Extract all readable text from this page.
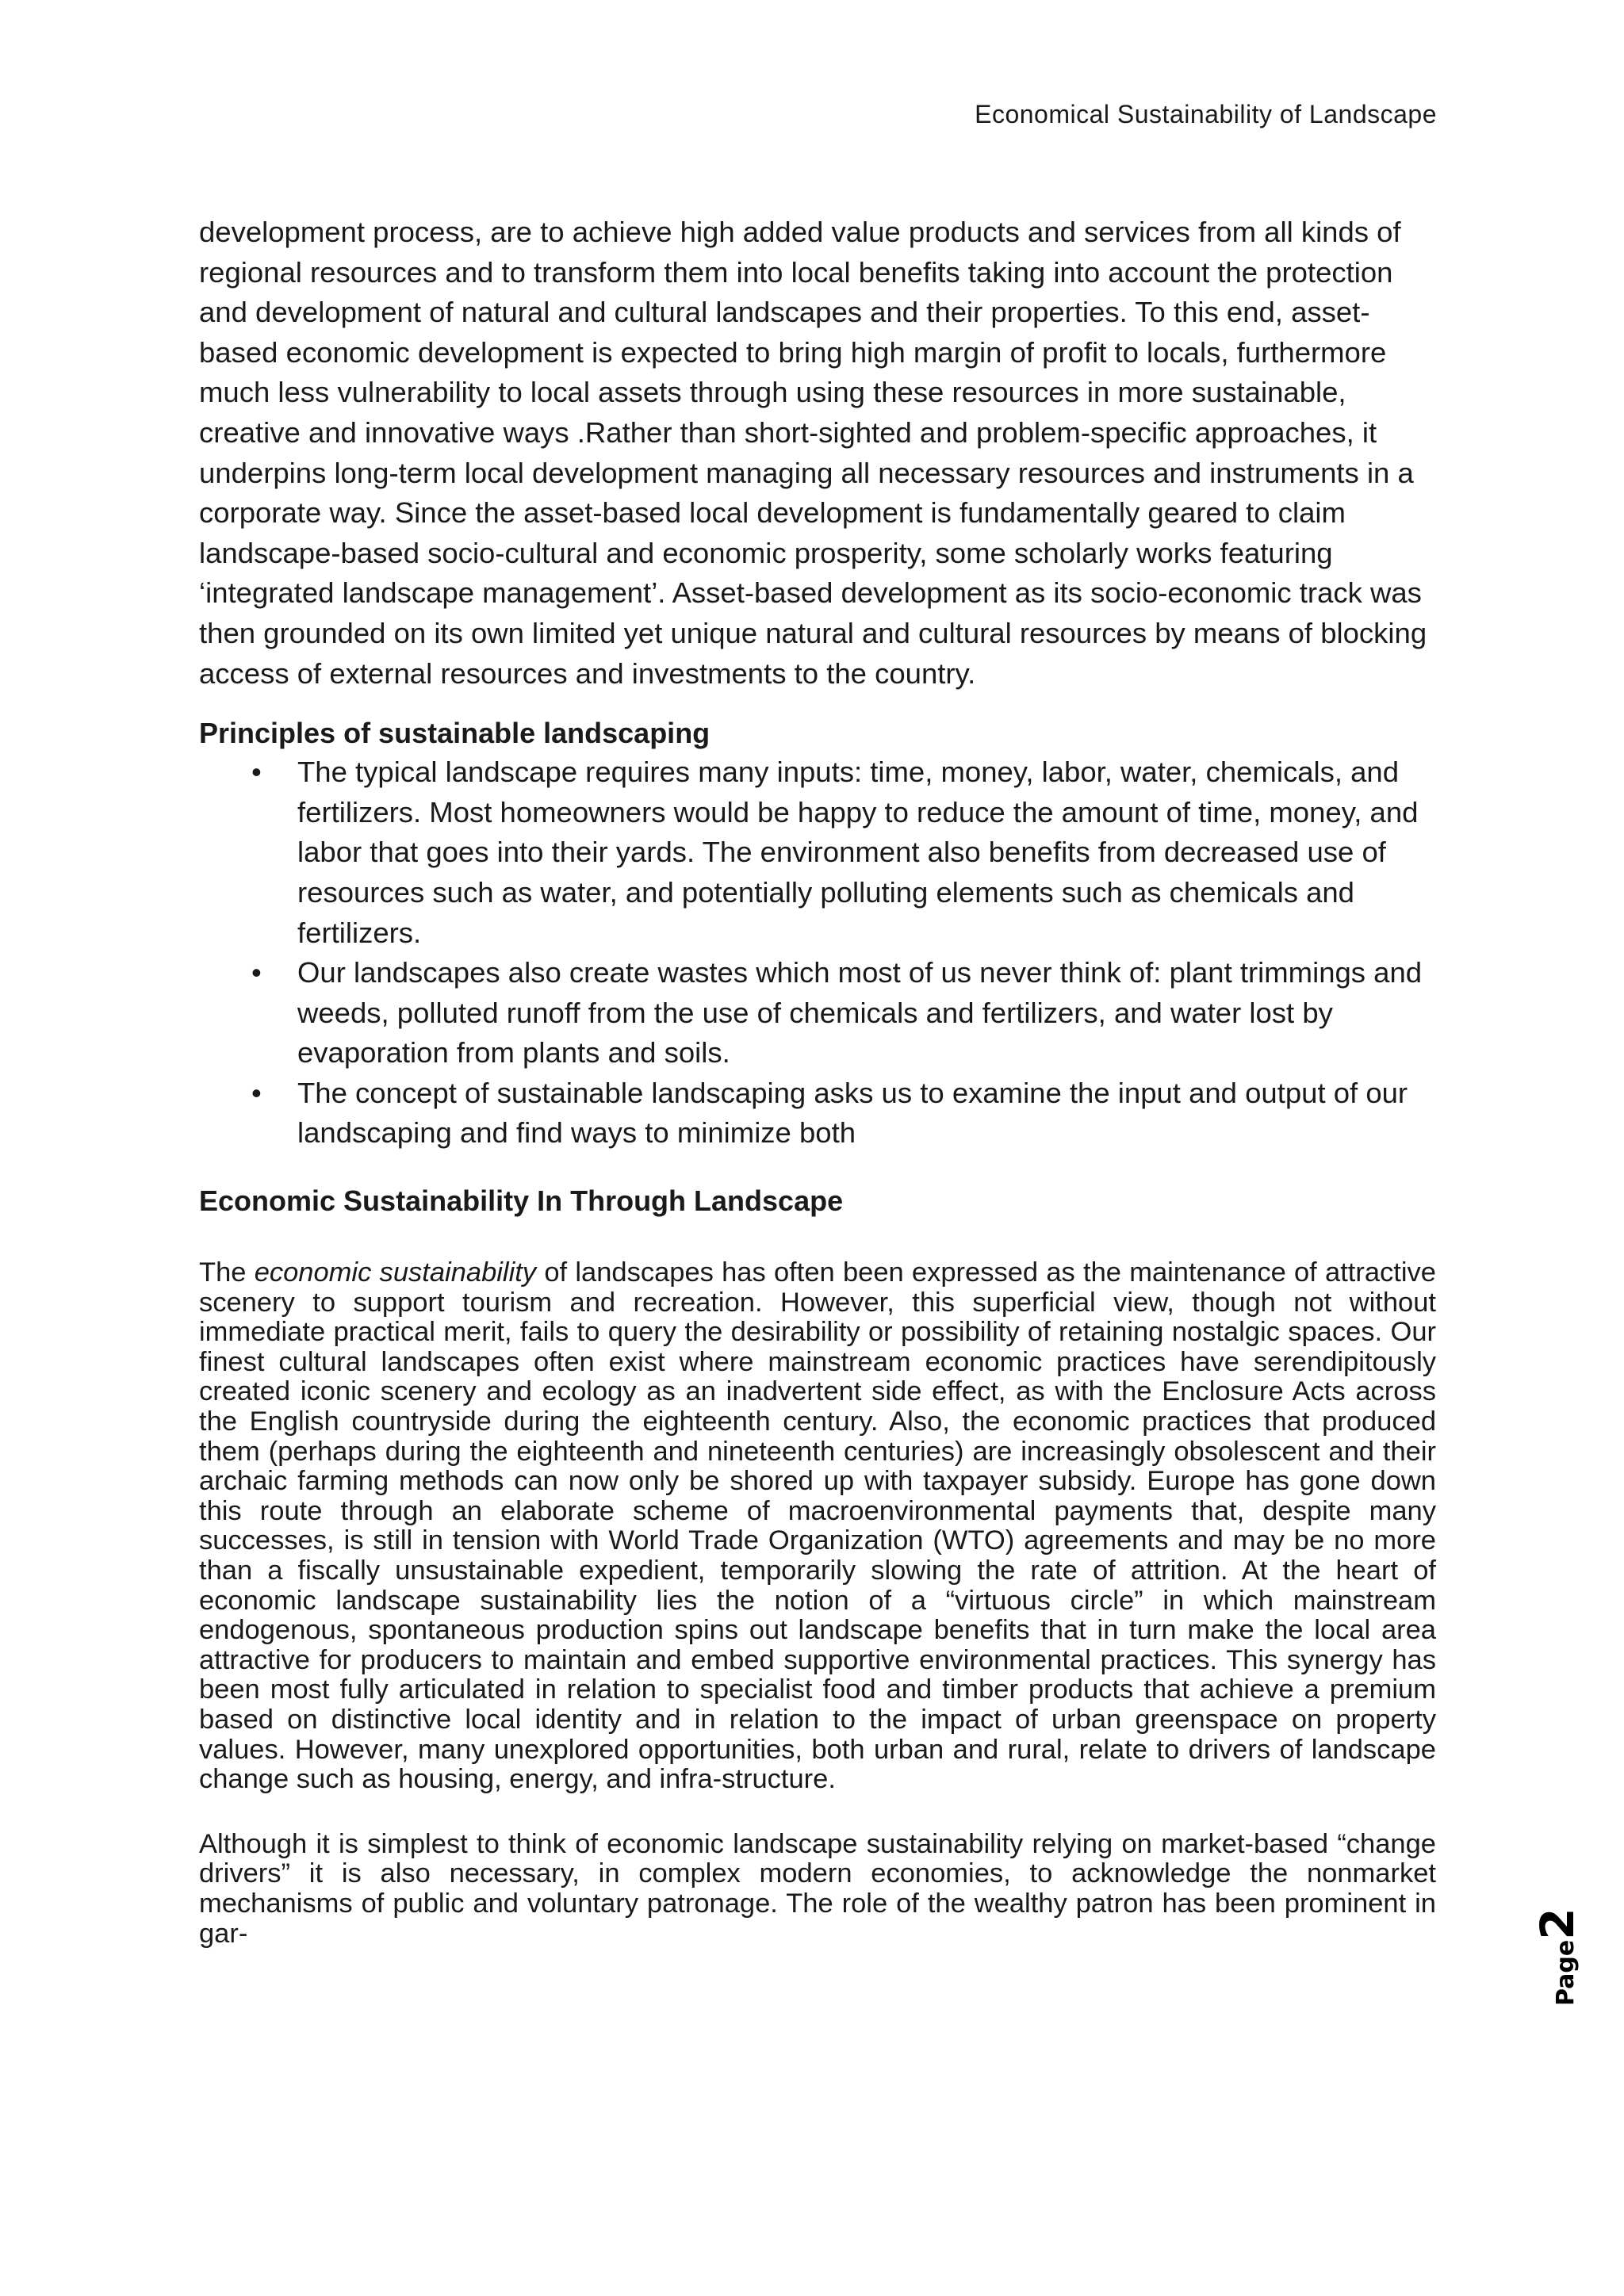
Economical Sustainability of Landscape

development process, are to achieve high added value products and services from all kinds of regional resources and to transform them into local benefits taking into account the protection and development of natural and cultural landscapes and their properties. To this end, asset-based economic development is expected to bring high margin of profit to locals, furthermore much less vulnerability to local assets through using these resources in more sustainable, creative and innovative ways .Rather than short-sighted and problem-specific approaches, it underpins long-term local development managing all necessary resources and instruments in a corporate way. Since the asset-based local development is fundamentally geared to claim landscape-based socio-cultural and economic prosperity, some scholarly works featuring ‘integrated landscape management’. Asset-based development as its socio-economic track was then grounded on its own limited yet unique natural and cultural resources by means of blocking access of external resources and investments to the country.

Principles of sustainable landscaping
• The typical landscape requires many inputs: time, money, labor, water, chemicals, and fertilizers. Most homeowners would be happy to reduce the amount of time, money, and labor that goes into their yards. The environment also benefits from decreased use of resources such as water, and potentially polluting elements such as chemicals and fertilizers.
• Our landscapes also create wastes which most of us never think of: plant trimmings and weeds, polluted runoff from the use of chemicals and fertilizers, and water lost by evaporation from plants and soils.
• The concept of sustainable landscaping asks us to examine the input and output of our landscaping and find ways to minimize both
Economic Sustainability In Through Landscape

The economic sustainability of landscapes has often been expressed as the maintenance of attractive scenery to support tourism and recreation. However, this superficial view, though not without immediate practical merit, fails to query the desirability or possibility of retaining nostalgic spaces. Our finest cultural landscapes often exist where mainstream economic practices have serendipitously created iconic scenery and ecology as an inadvertent side effect, as with the Enclosure Acts across the English countryside during the eighteenth century. Also, the economic practices that produced them (perhaps during the eighteenth and nineteenth centuries) are increasingly obsolescent and their archaic farming methods can now only be shored up with taxpayer subsidy. Europe has gone down this route through an elaborate scheme of macroenvironmental payments that, despite many successes, is still in tension with World Trade Organization (WTO) agreements and may be no more than a fiscally unsustainable expedient, temporarily slowing the rate of attrition. At the heart of economic landscape sustainability lies the notion of a “virtuous circle” in which mainstream endogenous, spontaneous production spins out landscape benefits that in turn make the local area attractive for producers to maintain and embed supportive environmental practices. This synergy has been most fully articulated in relation to specialist food and timber products that achieve a premium based on distinctive local identity and in relation to the impact of urban greenspace on property values. However, many unexplored opportunities, both urban and rural, relate to drivers of landscape change such as housing, energy, and infra-structure.

Although it is simplest to think of economic landscape sustainability relying on market-based “change drivers” it is also necessary, in complex modern economies, to acknowledge the nonmarket mechanisms of public and voluntary patronage. The role of the wealthy patron has been prominent in gar-

Page2
